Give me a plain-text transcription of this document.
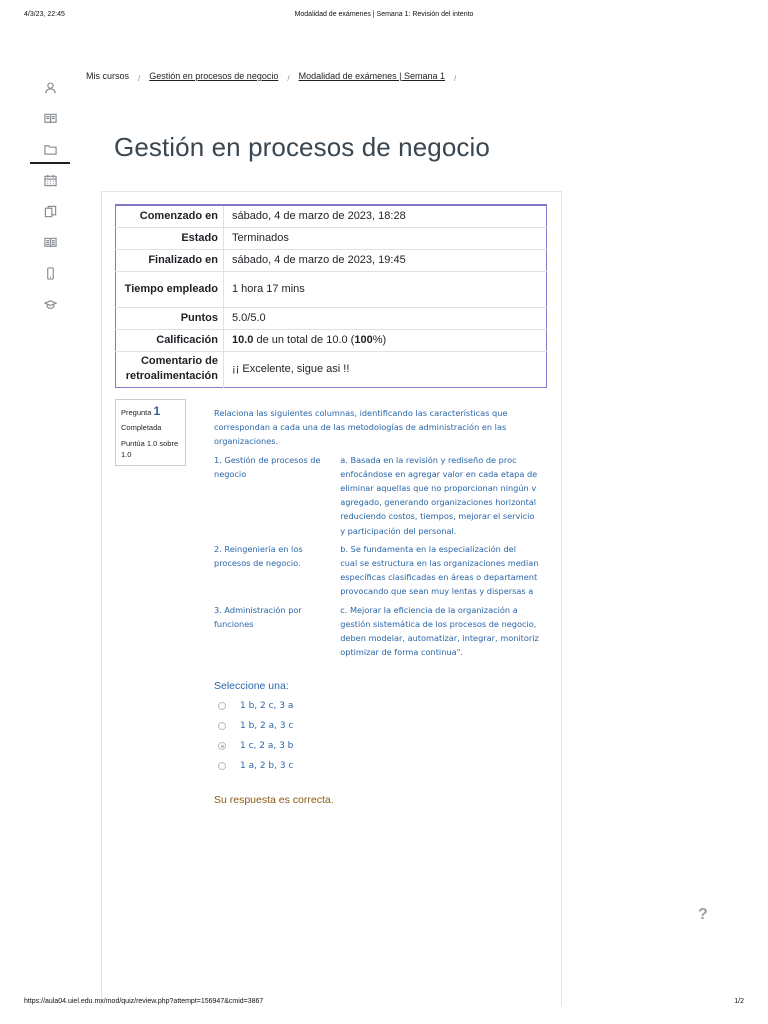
4/3/23, 22:45	Modalidad de exámenes | Semana 1: Revisión del intento
Mis cursos / Gestión en procesos de negocio / Modalidad de exámenes | Semana 1 /
Gestión en procesos de negocio
Comenzado en	sábado, 4 de marzo de 2023, 18:28
Estado	Terminados
Finalizado en	sábado, 4 de marzo de 2023, 19:45
Tiempo empleado	1 hora 17 mins
Puntos	5.0/5.0
Calificación	10.0 de un total de 10.0 (100%)
Comentario de retroalimentación	¡¡ Excelente, sigue asi !!
Pregunta 1
Completada
Puntúa 1.0 sobre 1.0
Relaciona las siguientes columnas, identificando las características que correspondan a cada una de las metodologías de administración en las organizaciones.
1. Gestión de procesos de negocio
a. Basada en la revisión y rediseño de proc
enfocándose en agregar valor en cada etapa de
eliminar aquellas que no proporcionan ningún v
agregado, generando organizaciones horizontal
reduciendo costos, tiempos, mejorar el servicio
y participación del personal.
2. Reingeniería en los procesos de negocio.
b. Se fundamenta en la especialización del
cual se estructura en las organizaciones median
específicas clasificadas en áreas o departament
provocando que sean muy lentas y dispersas a
3. Administración por funciones
c. Mejorar la eficiencia de la organización a
gestión sistemática de los procesos de negocio,
deben modelar, automatizar, integrar, monitoriz
optimizar de forma continua".
Seleccione una:
1 b, 2 c, 3 a
1 b, 2 a, 3 c
1 c, 2 a, 3 b
1 a, 2 b, 3 c
Su respuesta es correcta.
?
https://aula04.uiel.edu.mx/mod/quiz/review.php?attempt=156947&cmid=3867	1/2
